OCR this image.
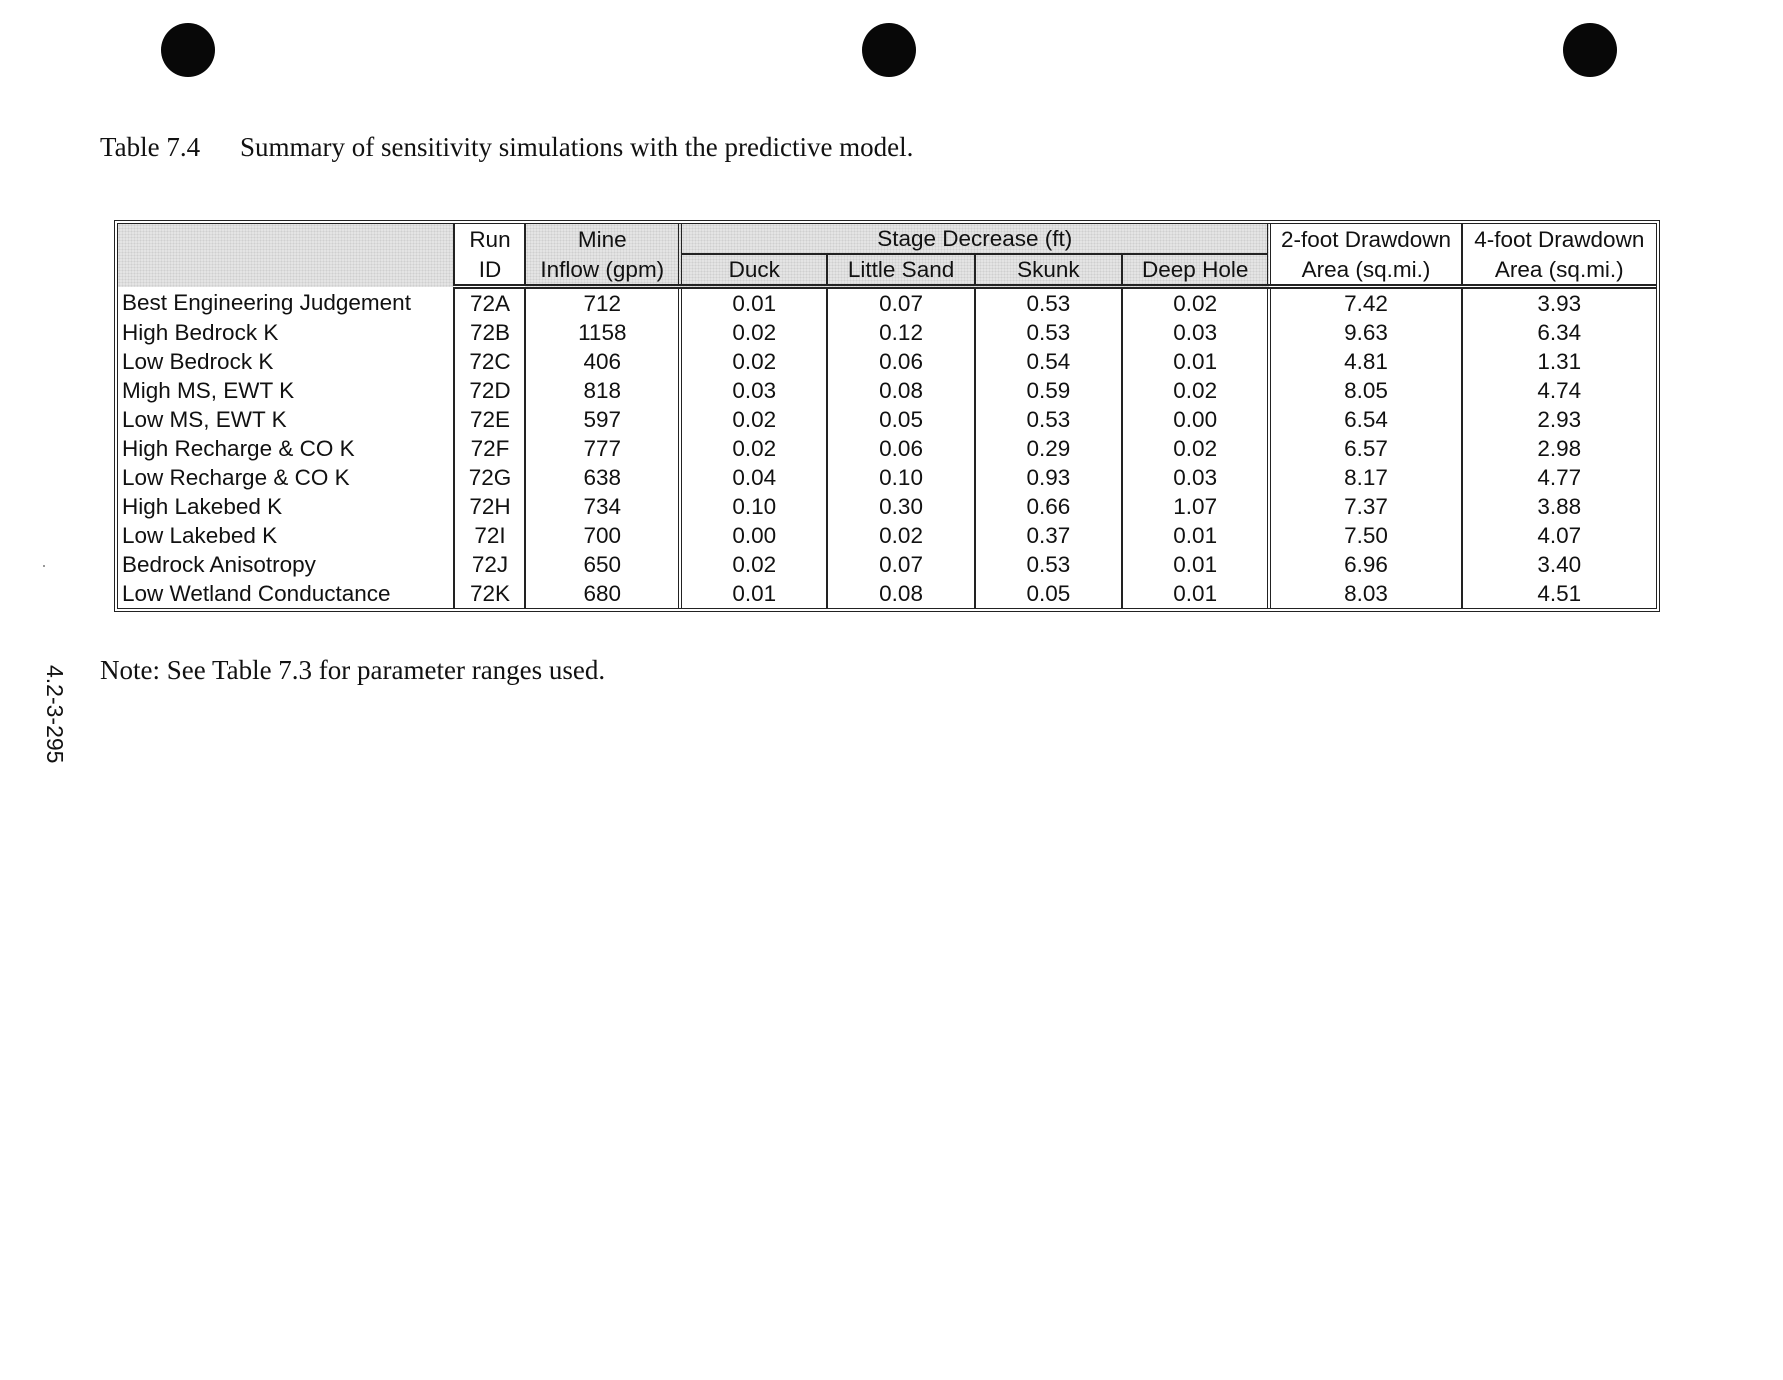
Table 7.4 Summary of sensitivity simulations with the predictive model.
	Run	Mine	Stage Decrease (ft)				2-foot Drawdown	4-foot Drawdown
	ID	Inflow (gpm)	Duck	Little Sand	Skunk	Deep Hole	Area (sq.mi.)	Area (sq.mi.)
Best Engineering Judgement	72A	712	0.01	0.07	0.53	0.02	7.42	3.93
High Bedrock K	72B	1158	0.02	0.12	0.53	0.03	9.63	6.34
Low Bedrock K	72C	406	0.02	0.06	0.54	0.01	4.81	1.31
Migh MS, EWT K	72D	818	0.03	0.08	0.59	0.02	8.05	4.74
Low MS, EWT K	72E	597	0.02	0.05	0.53	0.00	6.54	2.93
High Recharge & CO K	72F	777	0.02	0.06	0.29	0.02	6.57	2.98
Low Recharge & CO K	72G	638	0.04	0.10	0.93	0.03	8.17	4.77
High Lakebed K	72H	734	0.10	0.30	0.66	1.07	7.37	3.88
Low Lakebed K	72I	700	0.00	0.02	0.37	0.01	7.50	4.07
Bedrock Anisotropy	72J	650	0.02	0.07	0.53	0.01	6.96	3.40
Low Wetland Conductance	72K	680	0.01	0.08	0.05	0.01	8.03	4.51
Note: See Table 7.3 for parameter ranges used.
4.2-3-295
